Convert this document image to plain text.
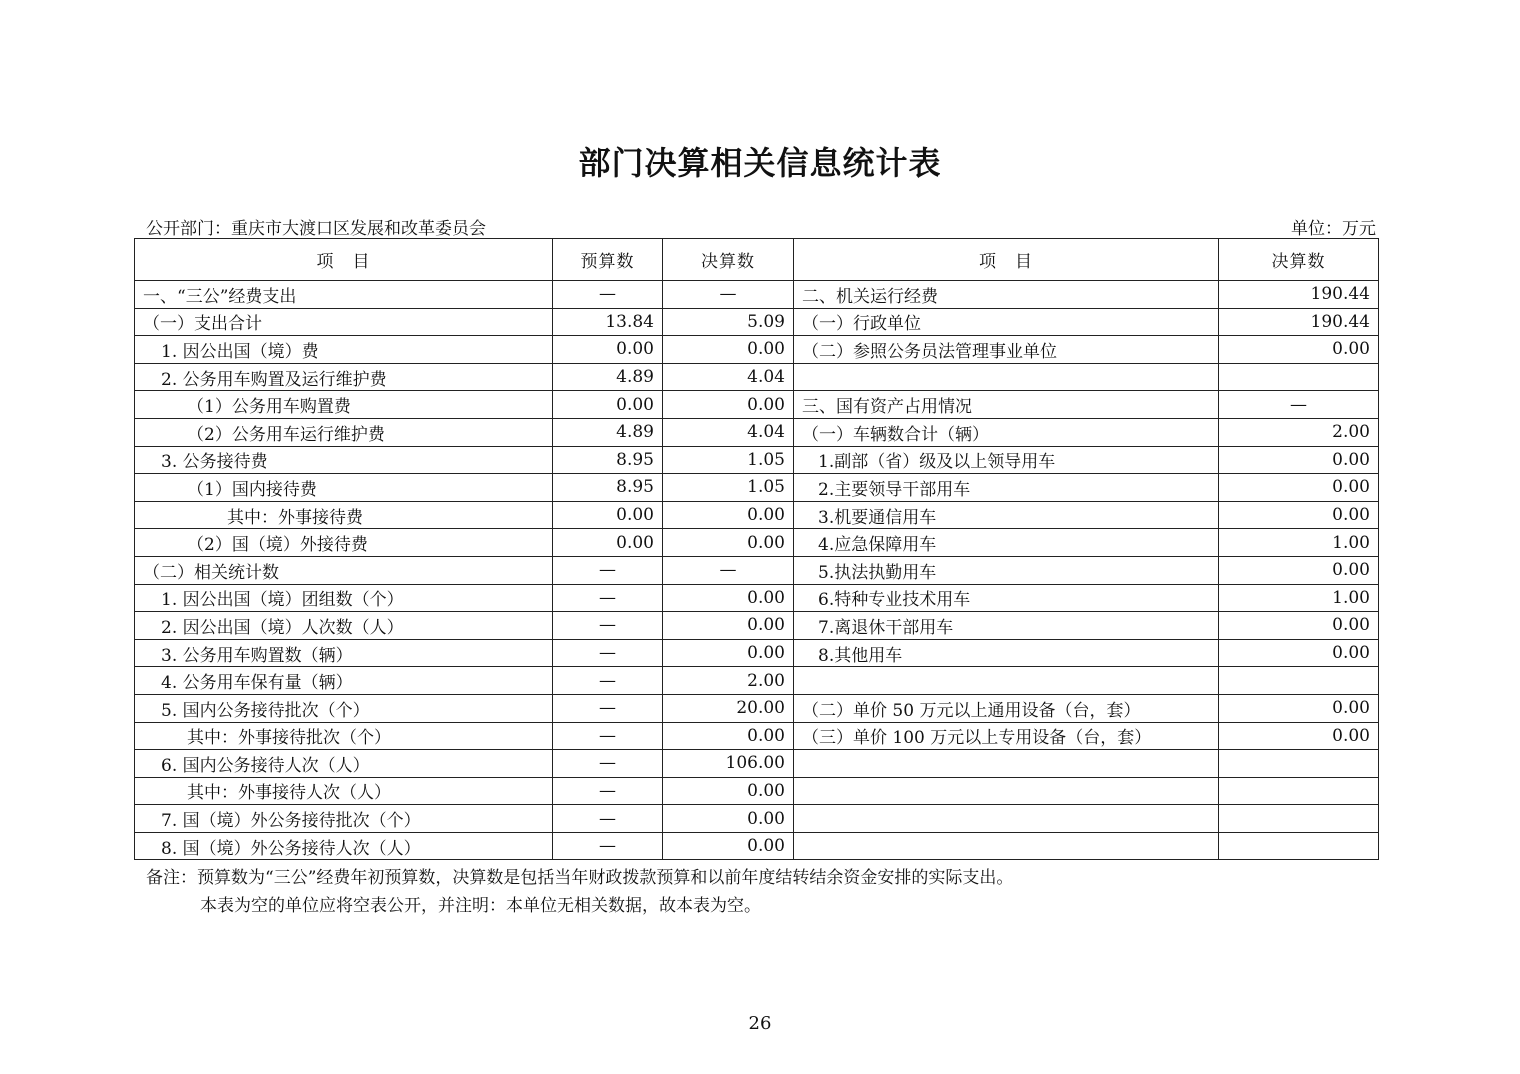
部门决算相关信息统计表
公开部门：重庆市大渡口区发展和改革委员会	单位：万元
项　目	预算数	决算数	项　目	决算数
一、“三公”经费支出	—	—	二、机关运行经费	190.44
（一）支出合计	13.84	5.09	（一）行政单位	190.44
1. 因公出国（境）费	0.00	0.00	（二）参照公务员法管理事业单位	0.00
2. 公务用车购置及运行维护费	4.89	4.04		
（1）公务用车购置费	0.00	0.00	三、国有资产占用情况	—
（2）公务用车运行维护费	4.89	4.04	（一）车辆数合计（辆）	2.00
3. 公务接待费	8.95	1.05	1.副部（省）级及以上领导用车	0.00
（1）国内接待费	8.95	1.05	2.主要领导干部用车	0.00
其中：外事接待费	0.00	0.00	3.机要通信用车	0.00
（2）国（境）外接待费	0.00	0.00	4.应急保障用车	1.00
（二）相关统计数	—	—	5.执法执勤用车	0.00
1. 因公出国（境）团组数（个）	—	0.00	6.特种专业技术用车	1.00
2. 因公出国（境）人次数（人）	—	0.00	7.离退休干部用车	0.00
3. 公务用车购置数（辆）	—	0.00	8.其他用车	0.00
4. 公务用车保有量（辆）	—	2.00		
5. 国内公务接待批次（个）	—	20.00	（二）单价 50 万元以上通用设备（台，套）	0.00
其中：外事接待批次（个）	—	0.00	（三）单价 100 万元以上专用设备（台，套）	0.00
6. 国内公务接待人次（人）	—	106.00		
其中：外事接待人次（人）	—	0.00		
7. 国（境）外公务接待批次（个）	—	0.00		
8. 国（境）外公务接待人次（人）	—	0.00		
备注：预算数为“三公”经费年初预算数，决算数是包括当年财政拨款预算和以前年度结转结余资金安排的实际支出。
本表为空的单位应将空表公开，并注明：本单位无相关数据，故本表为空。
26
